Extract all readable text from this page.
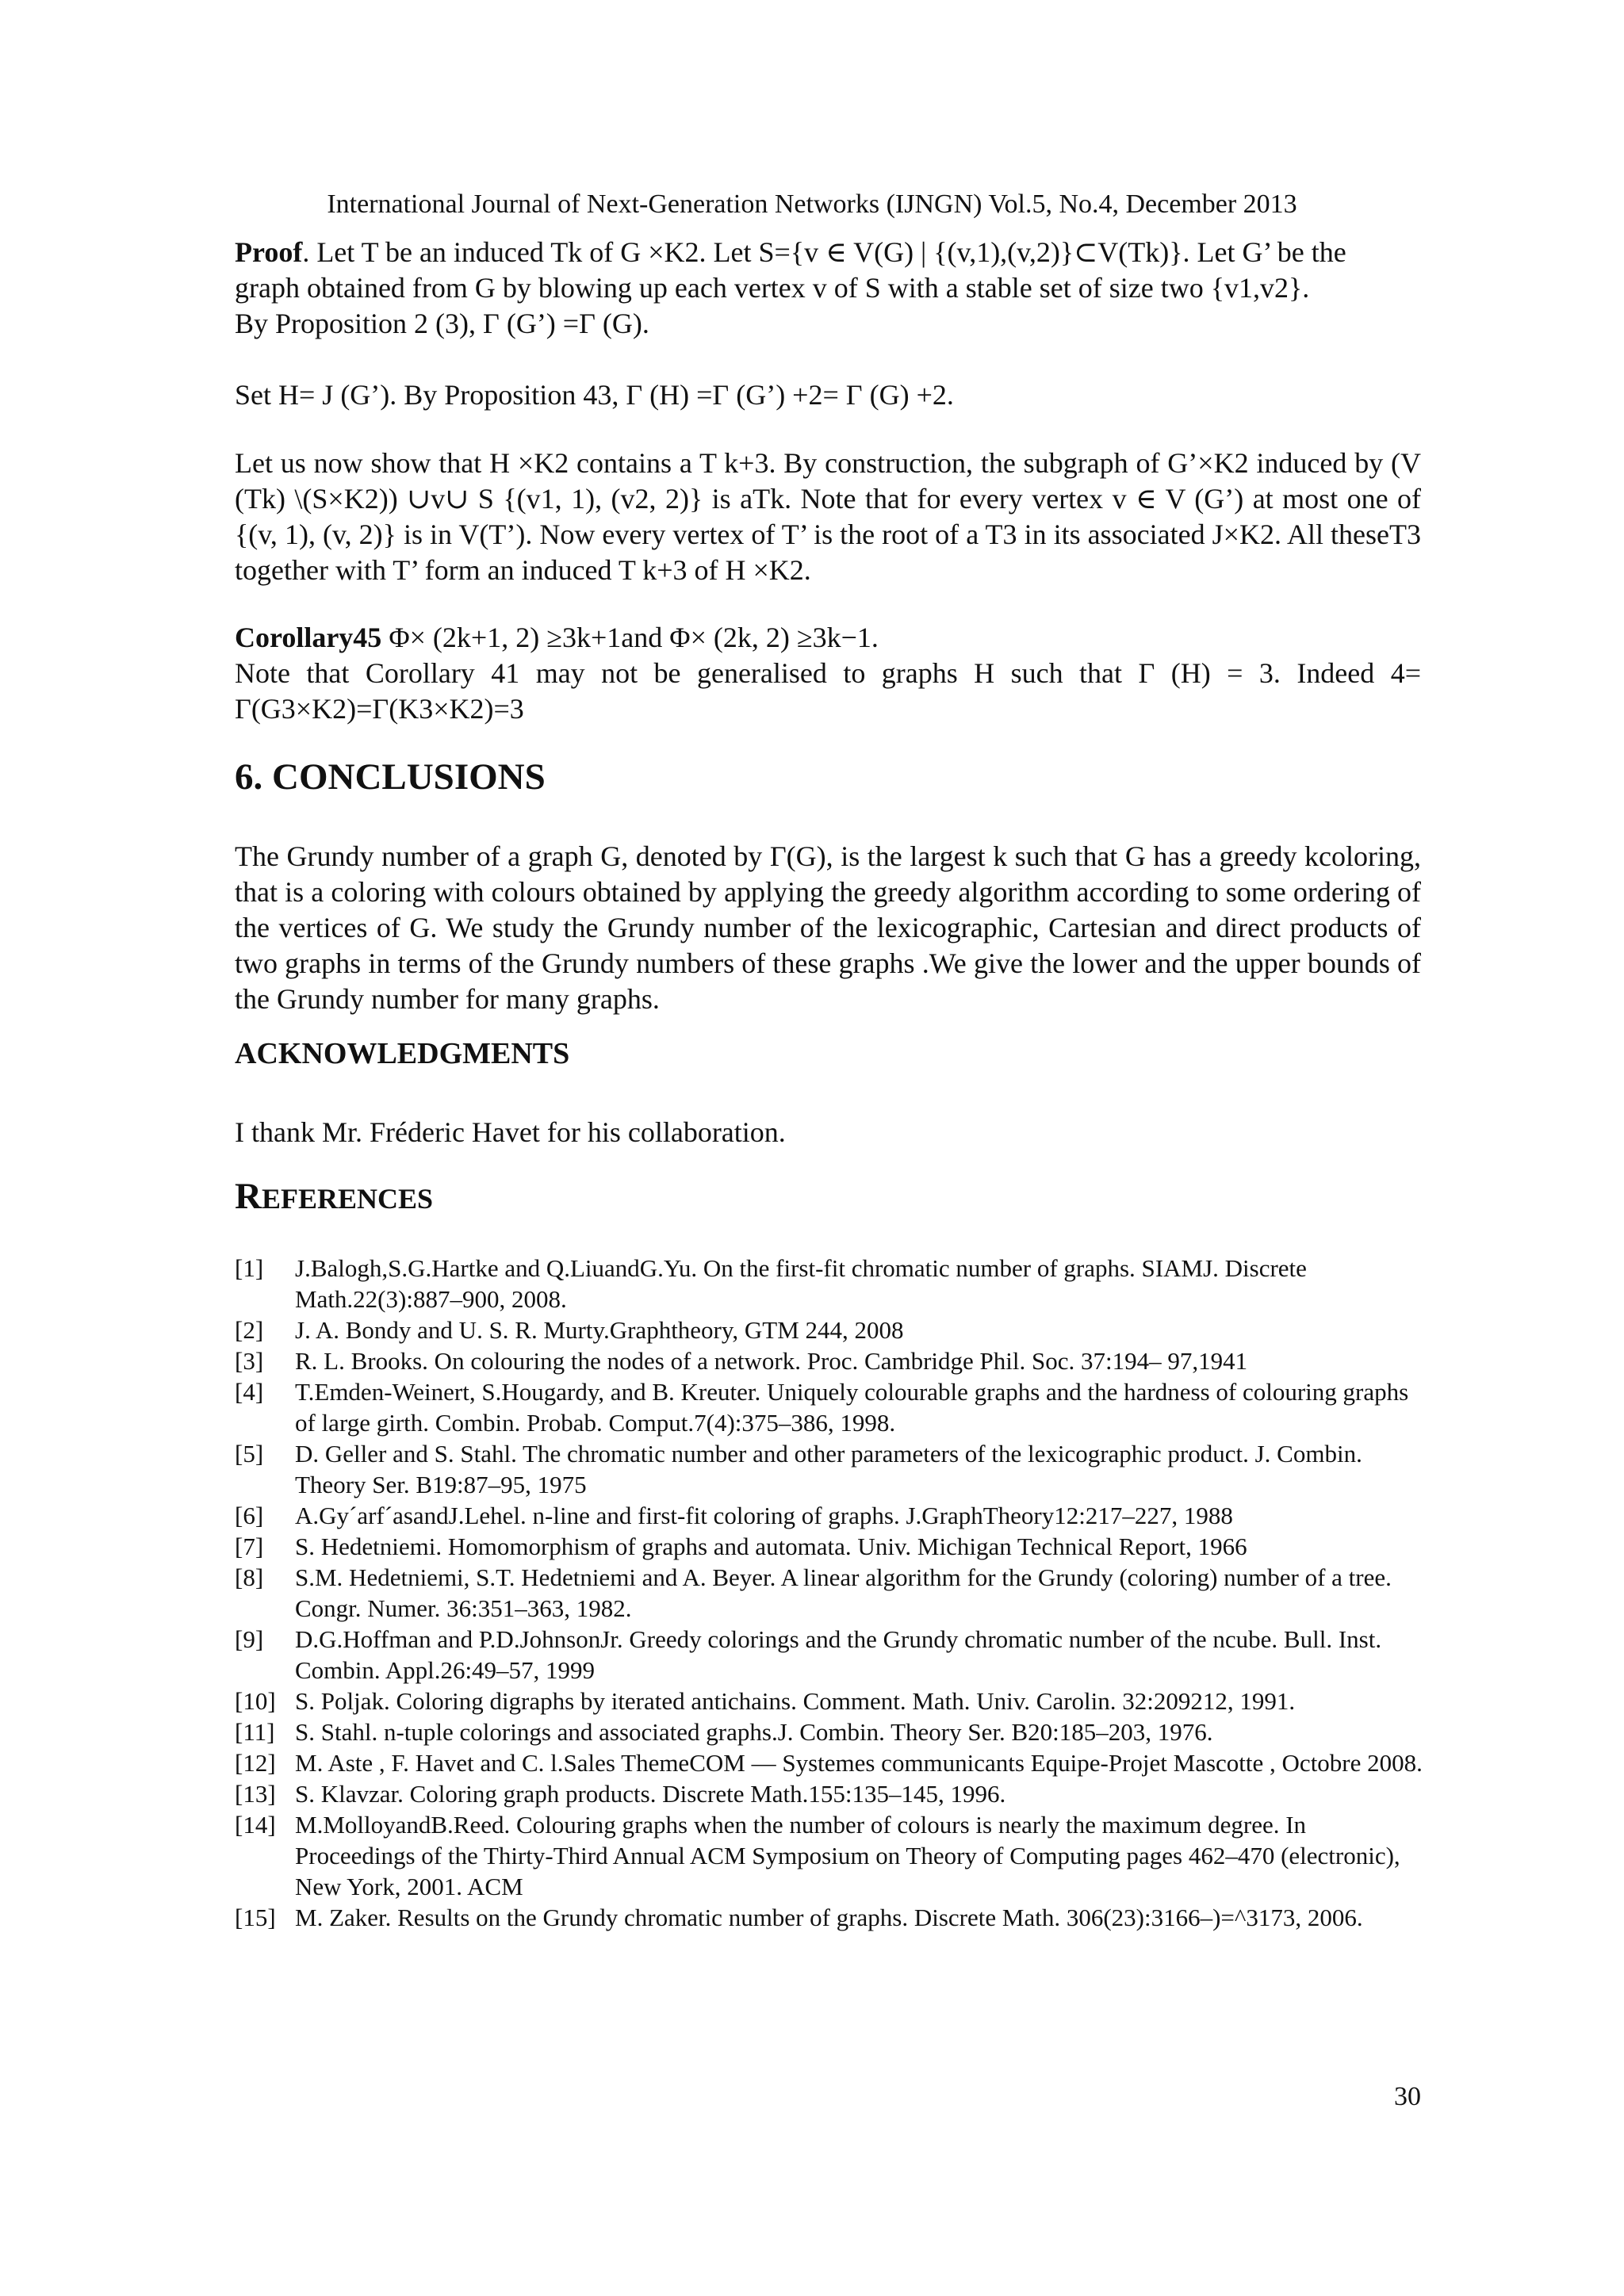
International Journal of Next-Generation Networks (IJNGN) Vol.5, No.4, December 2013
Proof. Let T be an induced Tk of G ×K2. Let S={v ∈ V(G) | {(v,1),(v,2)}⊂V(Tk)}. Let G’ be the
graph obtained from G by blowing up each vertex v of S with a stable set of size two {v1,v2}.
By Proposition 2 (3), Γ (G’) =Γ (G).
Set H= J (G’). By Proposition 43, Γ (H) =Γ (G’) +2= Γ (G) +2.
Let us now show that H ×K2 contains a T k+3. By construction, the subgraph of G’×K2 induced by (V (Tk) \(S×K2)) ∪v∪ S {(v1, 1), (v2, 2)} is aTk. Note that for every vertex v ∈ V (G’) at most one of {(v, 1), (v, 2)} is in V(T’). Now every vertex of T’ is the root of a T3 in its associated J×K2. All theseT3 together with T’ form an induced T k+3 of H ×K2.
Corollary45 Φ× (2k+1, 2) ≥3k+1and Φ× (2k, 2) ≥3k−1.
Note that Corollary 41 may not be generalised to graphs H such that Γ (H) = 3. Indeed 4= Γ(G3×K2)=Γ(K3×K2)=3
6. CONCLUSIONS
The Grundy number of a graph G, denoted by Γ(G), is the largest k such that G has a greedy kcoloring, that is a coloring with colours obtained by applying the greedy algorithm according to some ordering of the vertices of G. We study the Grundy number of the lexicographic, Cartesian and direct products of two graphs in terms of the Grundy numbers of these graphs .We give the lower and the upper bounds of the Grundy number for many graphs.
ACKNOWLEDGMENTS
I thank Mr. Fréderic Havet for his collaboration.
REFERENCES
[1]	J.Balogh,S.G.Hartke and Q.LiuandG.Yu. On the first-fit chromatic number of graphs. SIAMJ. Discrete Math.22(3):887–900, 2008.
[2]	J. A. Bondy and U. S. R. Murty.Graphtheory, GTM 244, 2008
[3]	R. L. Brooks. On colouring the nodes of a network. Proc. Cambridge Phil. Soc. 37:194– 97,1941
[4]	T.Emden-Weinert, S.Hougardy, and B. Kreuter. Uniquely colourable graphs and the hardness of colouring graphs of large girth. Combin. Probab. Comput.7(4):375–386, 1998.
[5]	D. Geller and S. Stahl. The chromatic number and other parameters of the lexicographic product. J. Combin. Theory Ser. B19:87–95, 1975
[6]	A.Gy´arf´asandJ.Lehel. n-line and first-fit coloring of graphs. J.GraphTheory12:217–227, 1988
[7]	S. Hedetniemi. Homomorphism of graphs and automata. Univ. Michigan Technical Report, 1966
[8]	S.M. Hedetniemi, S.T. Hedetniemi and A. Beyer. A linear algorithm for the Grundy (coloring) number of a tree. Congr. Numer. 36:351–363, 1982.
[9]	D.G.Hoffman and P.D.JohnsonJr. Greedy colorings and the Grundy chromatic number of the ncube. Bull. Inst. Combin. Appl.26:49–57, 1999
[10] S. Poljak. Coloring digraphs by iterated antichains. Comment. Math. Univ. Carolin. 32:209212, 1991.
[11] S. Stahl. n-tuple colorings and associated graphs.J. Combin. Theory Ser. B20:185–203, 1976.
[12] M. Aste , F. Havet and C. l.Sales ThemeCOM — Systemes communicants Equipe-Projet Mascotte , Octobre 2008.
[13] S. Klavzar. Coloring graph products. Discrete Math.155:135–145, 1996.
[14] M.MolloyandB.Reed. Colouring graphs when the number of colours is nearly the maximum degree. In Proceedings of the Thirty-Third Annual ACM Symposium on Theory of Computing pages 462–470 (electronic), New York, 2001. ACM
[15] M. Zaker. Results on the Grundy chromatic number of graphs. Discrete Math. 306(23):3166–)=^3173, 2006.
30
